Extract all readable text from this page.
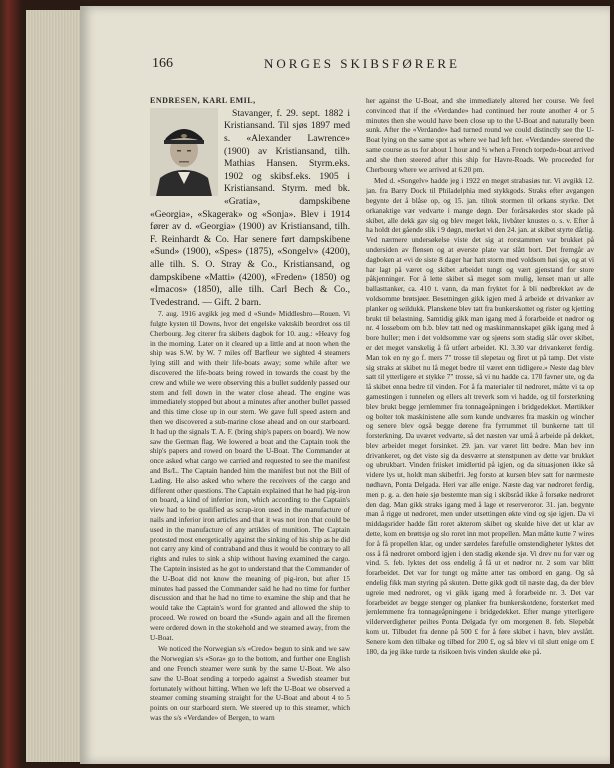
166	NORGES SKIBSFØRERE
ENDRESEN, KARL EMIL,

Stavanger, f. 29. sept. 1882 i Kristiansand. Til sjøs 1897 med s. «Alexander Lawrence» (1900) av Kristiansand, tilh. Mathias Hansen. Styrm.eks. 1902 og skibsf.eks. 1905 i Kristiansand. Styrm. med bk. «Gratia», dampskibene «Georgia», «Skagerak» og «Sonja». Blev i 1914 fører av d. «Georgia» (1900) av Kristiansand, tilh. F. Reinhardt & Co. Har senere ført dampskibene «Sund» (1900), «Spes» (1875), «Songelv» (4200), alle tilh. S. O. Stray & Co., Kristiansand, og dampskibene «Matti» (4200), «Freden» (1850) og «Imacos» (1850), alle tilh. Carl Bech & Co., Tvedestrand. — Gift. 2 barn.

7. aug. 1916 avgikk jeg med d «Sund» Middlesbro—Rouen. Vi fulgte kysten til Downs, hvor det engelske vaktskib beordret oss til Cherbourg. Jeg citerer fra skibets dagbok for 10. aug.: «Heavy fog in the morning. Later on it cleared up a little and at noon when the ship was S.W. by W. 7 miles off Barfleur we sighted 4 steamers lying still and with their life-boats away; some while after we discovered the life-boats being rowed in towards the coast by the crew and while we were observing this a bullet suddenly passed our stem and fell down in the water close ahead. The engine was immediately stopped but about a minutes after another bullet passed and this time close up in our stern. We gave full speed astern and then we discovered a sub-marine close ahead and on our starboard. It had up the signals T. A. F. (bring ship's papers on board). We now saw the German flag. We lowered a boat and the Captain took the ship's papers and rowed on board the U-Boat. The Commander at once asked what cargo we carried and requested to see the manifest and Bs/L. The Captain handed him the manifest but not the Bill of Lading. He also asked who where the receivers of the cargo and different other questions. The Captain explained that he had pig-iron on board, a kind of inferior iron, which according to the Captain's view had to be qualified as scrap-iron used in the manufacture of nails and inferior iron articles and that it was not iron that could be used in the manufacture of any artikles of munition. The Captain protested most energetically against the sinking of his ship as he did not carry any kind of contraband and thus it would be contrary to all rights and rules to sink a ship without having examined the cargo. The Captein insisted as he got to understand that the Commander of the U-Boat did not know the meaning of pig-iron, but after 15 minutes had passed the Commander said he had no time for further discussion and that he had no time to examine the ship and that he would take the Captain's word for granted and allowed the ship to proceed. We rowed on board the «Sund» again and all the firemen were ordered down in the stokehold and we steamed away, from the U-Boat.

We noticed the Norwegian s/s «Credo» begun to sink and we saw the Norwegian s/s «Sora» go to the bottom, and further one English and one French steamer were sunk by the same U-Boat. We also saw the U-Boat sending a torpedo against a Swedish steamer but fortunately without hitting. When we left the U-Boat we observed a steamer coming steaming straight for the U-Boat and about 4 to 5 points on our starboard stern. We steered up to this steamer, which was the s/s «Verdande» of Bergen, to warn

her against the U-Boat, and she immediately altered her course. We feel convinced that if the «Verdande» had continued her route another 4 or 5 minutes then she would have been close up to the U-Boat and naturally been sunk. After the «Verdande» had turned round we could distinctly see the U-Boat lying on the same spot as where we had left her. «Verdande» steered the same course as us for about 1 hour and ¾ when a French torpedo-boat arrived and she then steered after this ship for Havre-Roads. We proceeded for Cherbourg where we arrived at 6.20 pm.

Med d. «Songelv» hadde jeg i 1922 en meget strabasiøs tur. Vi avgikk 12. jan. fra Barry Dock til Philadelphia med stykkgods. Straks efter avgangen begynte det å blåse op, og 15. jan. tiltok stormen til orkans styrke. Det orkanaktige vær vedvarte i mange døgn. Der forårsakedes stor skade på skibet, alle dekk gav sig og blev meget lekk, livbåter knustes o. s. v. Efter å ha holdt det gående slik i 9 døgn, merket vi den 24. jan. at skibet styrte dårlig. Ved nærmere undersøkelse viste det sig at rorstammen var brukket på undersiden av flensen og at øverste plate var slått bort. Det fremgår av dagboken at «vi de siste 8 dager har hatt storm med voldsom høi sjø, og at vi har lagt på været og skibet arbeidet tungt og vært gjenstand for store påkjenninger. For å lette skibet så meget som mulig, lenset man ut alle ballasttanker, ca. 410 t. vann, da man fryktet for å bli nødbrekket av de voldsomme brøtsjøer. Besetningen gikk igjen med å arbeide et drivanker av planker og seildukk. Planskene blev tatt fra bunkerskottet og rister og kjetting brukt til belastning. Samtidig gikk man igang med å forarbeide et nødror og nr. 4 lossebom om b.b. blev tatt ned og maskinmannskapet gikk igang med å bore huller; men i det voldsomme vær og sjøens som stadig slår over skibet, er det meget vanskelig å få utført arbeidet. Kl. 3.30 var drivankeret ferdig. Man tok en ny go f. mers 7" trosse til slepetau og firet ut på tamp. Det viste sig straks at skibet nu lå meget bedre til været enn tidligere.» Neste dag blev satt til ytterligere et stykke 7" trosse, så vi nu hadde ca. 170 favner ute, og da lå skibet enna bedre til vinden. For å fa materialer til nødroret, måtte vi ta op gamestingen i tunnelen og ellers alt treverk som vi hadde, og til forsterkning blev brukt begge jernlemmer fra tonnageåpningen i bridgedekket. Mørtikker og bolter tok maskinistene alle som kunde undværes fra maskin og wincher og senere blev også begge dørene fra fyrrummet til bunkerne tatt til forsterkning. Da uværet vedvarte, så det næsten var umå å arbeide på dekket, blev arbeidet meget forsinket. 29. jan. var været litt bedre. Man hev inn drivankeret, og det viste sig da desværre at stenstpunen av dette var brukket og ubrukbart. Vinden friisket imidlertid på igjen, og da situasjonen ikke så videre lys ut, holdt man skibetfri. Jeg forsto at kursen blev satt for nærmeste nødhavn, Ponta Delgada. Heri var alle enige. Næste dag var nødroret ferdig, men p. g. a. den høie sjø bestemte man sig i skibsråd ikke å forsøke nødroret den dag. Man gikk straks igang med å lage et reserveroror. 31. jan. begynte man å rigge ut nødroret, men under utsettingen økte vind og sjø igjen. Da vi middagsrider hadde fått roret akterom skibet og skulde hive det ut klar av dette, kom en brøttsjø og slo roret inn mot propellen. Man måtte kutte 7 wires for å få propellen klar, og under særdeles farefulle omstendigheter lyktes det oss å få nødroret ombord igjen i den stadig økende sjø. Vi drev nu for vær og vind. 5. feb. lyktes det oss endelig å få ut et nødror nr. 2 som var blitt forarbeidet. Det var for tungt og måtte atter tas ombord en gang. Og så endelig fikk man styring på skuten. Dette gikk godt til næste dag, da der blev ugreie med nødroret, og vi gikk igang med å forarbeide nr. 3. Det var forarbeidet av begge stenger og planker fra bunkerskotdene, forsterket med jernlemmene fra tonnageåpningene i bridgedekket. Efter mange ytterligere vilderverdigheter peiltes Ponta Delgada fyr om morgenen 8. feb. Slepebåt kom ut. Tilbudet fra denne på 500 £ for å føre skibet i havn, blev avslått. Senere kom den tilbake og tilbød for 200 £, og så blev vi til slutt enige om £ 180, da jeg ikke turde ta risikoen hvis vinden skulde øke på.
